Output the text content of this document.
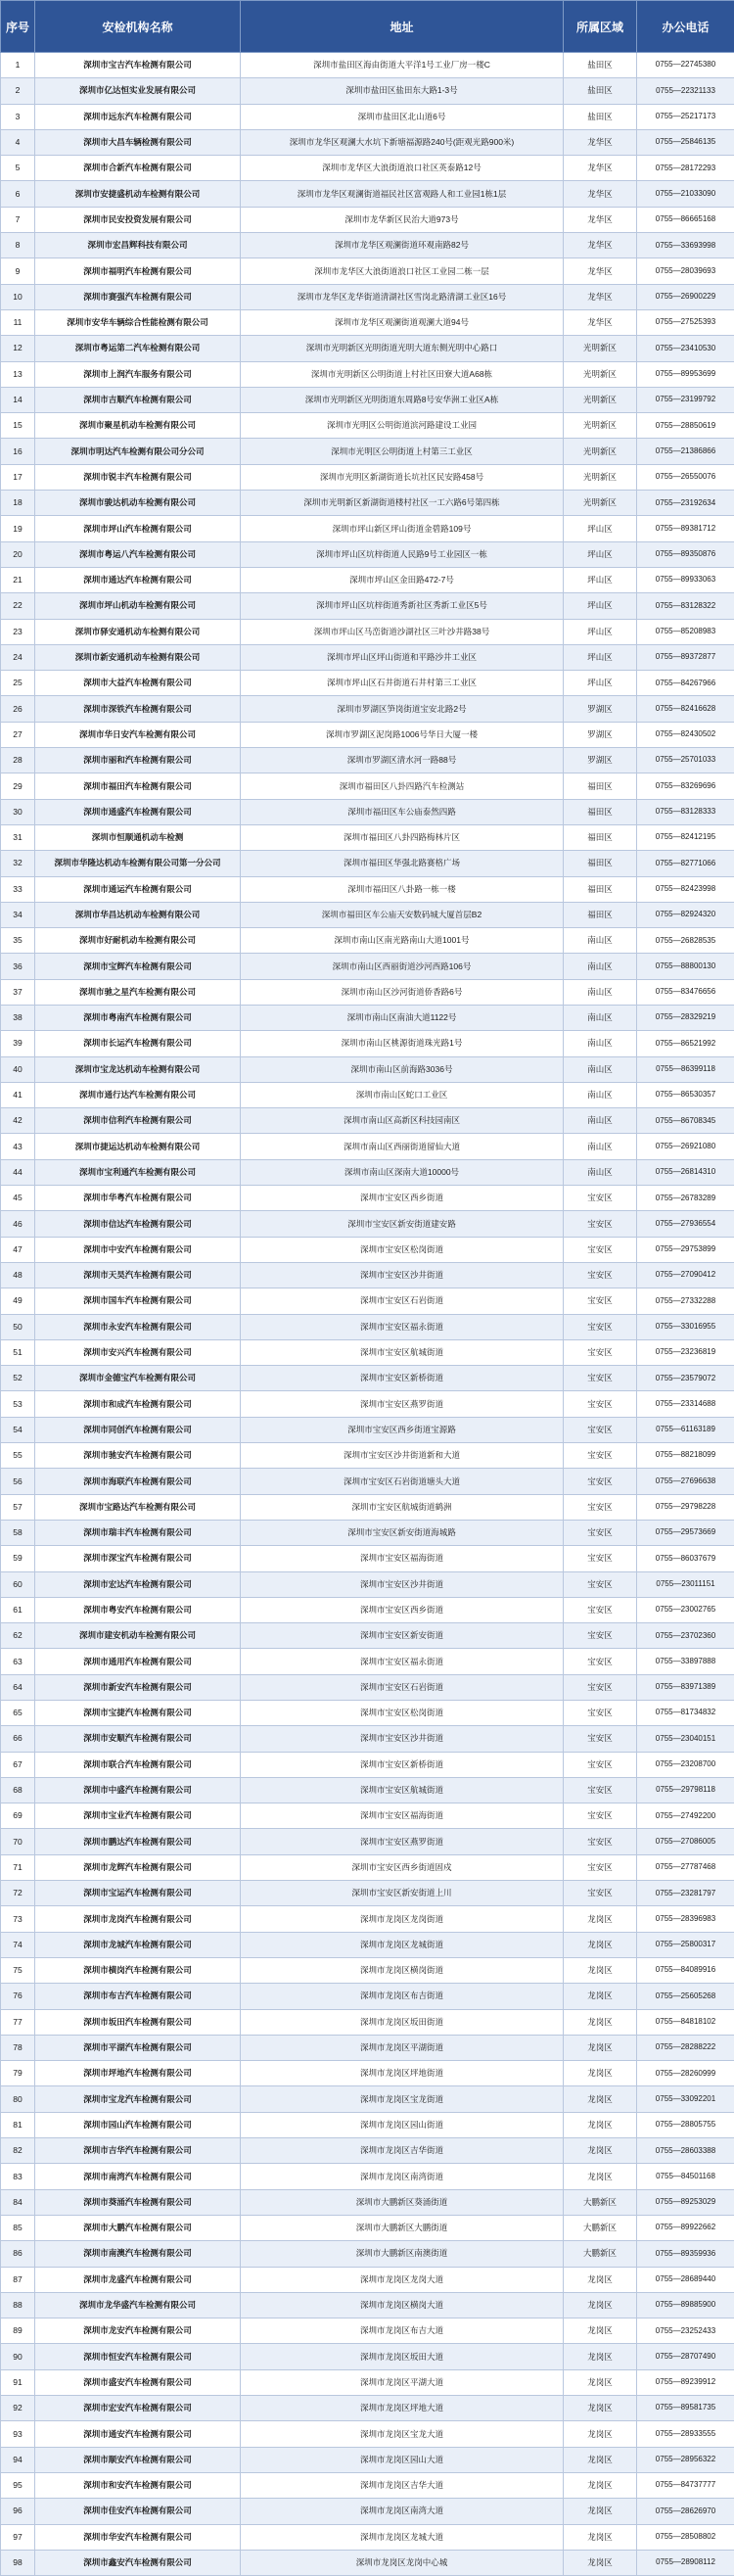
序号	安检机构名称	地址	所属区域	办公电话
1	深圳市宝吉汽车检测有限公司	深圳市盐田区海由街道大平洋1号工业厂房一楼C	盐田区	0755—22745380
2	深圳市亿达恒实业发展有限公司	深圳市盐田区盐田东大路1-3号	盐田区	0755—22321133
3	深圳市远东汽车检测有限公司	深圳市盐田区北山道6号	盐田区	0755—25217173
4	深圳市大昌车辆检测有限公司	深圳市龙华区观澜大水坑下新塘福源路240号(距观光路900米)	龙华区	0755—25846135
5	深圳市合新汽车检测有限公司	深圳市龙华区大浪街道浪口社区英泰路12号	龙华区	0755—28172293
6	深圳市安捷盛机动车检测有限公司	深圳市龙华区观澜街道福民社区富观路人和工业园1栋1层	龙华区	0755—21033090
7	深圳市民安投资发展有限公司	深圳市龙华新区民治大道973号	龙华区	0755—86665168
8	深圳市宏昌辉科技有限公司	深圳市龙华区观澜街道环观南路82号	龙华区	0755—33693998
9	深圳市福明汽车检测有限公司	深圳市龙华区大浪街道浪口社区工业园二栋一层	龙华区	0755—28039693
10	深圳市赛强汽车检测有限公司	深圳市龙华区龙华街道清湖社区雪岗北路清湖工业区16号	龙华区	0755—26900229
11	深圳市安华车辆综合性能检测有限公司	深圳市龙华区观澜街道观澜大道94号	龙华区	0755—27525393
12	深圳市粤运第二汽车检测有限公司	深圳市光明新区光明街道光明大道东侧光明中心路口	光明新区	0755—23410530
13	深圳市上润汽车服务有限公司	深圳市光明新区公明街道上村社区田寮大道A68栋	光明新区	0755—89953699
14	深圳市吉顺汽车检测有限公司	深圳市光明新区光明街道东周路8号安华洲工业区A栋	光明新区	0755—23199792
15	深圳市聚星机动车检测有限公司	深圳市光明区公明街道滨河路建设工业园	光明新区	0755—28850619
16	深圳市明达汽车检测有限公司分公司	深圳市光明区公明街道上村第三工业区	光明新区	0755—21386866
17	深圳市锐丰汽车检测有限公司	深圳市光明区新湖街道长坑社区民安路458号	光明新区	0755—26550076
18	深圳市骏达机动车检测有限公司	深圳市光明新区新湖街道楼村社区一工六路6号第四栋	光明新区	0755—23192634
19	深圳市坪山汽车检测有限公司	深圳市坪山新区坪山街道金碧路109号	坪山区	0755—89381712
20	深圳市粤运八汽车检测有限公司	深圳市坪山区坑梓街道人民路9号工业园区一栋	坪山区	0755—89350876
21	深圳市通达汽车检测有限公司	深圳市坪山区金田路472-7号	坪山区	0755—89933063
22	深圳市坪山机动车检测有限公司	深圳市坪山区坑梓街道秀新社区秀新工业区5号	坪山区	0755—83128322
23	深圳市驿安通机动车检测有限公司	深圳市坪山区马峦街道沙湖社区三叶沙井路38号	坪山区	0755—85208983
24	深圳市新安通机动车检测有限公司	深圳市坪山区坪山街道和平路沙井工业区	坪山区	0755—89372877
25	深圳市大益汽车检测有限公司	深圳市坪山区石井街道石井村第三工业区	坪山区	0755—84267966
26	深圳市深铁汽车检测有限公司	深圳市罗湖区笋岗街道宝安北路2号	罗湖区	0755—82416628
27	深圳市华日安汽车检测有限公司	深圳市罗湖区泥岗路1006号华日大厦一楼	罗湖区	0755—82430502
28	深圳市丽和汽车检测有限公司	深圳市罗湖区清水河一路88号	罗湖区	0755—25701033
29	深圳市福田汽车检测有限公司	深圳市福田区八卦四路汽车检测站	福田区	0755—83269696
30	深圳市通盛汽车检测有限公司	深圳市福田区车公庙泰然四路	福田区	0755—83128333
31	深圳市恒顺通机动车检测	深圳市福田区八卦四路梅林片区	福田区	0755—82412195
32	深圳市华隆达机动车检测有限公司第一分公司	深圳市福田区华强北路赛格广场	福田区	0755—82771066
33	深圳市通运汽车检测有限公司	深圳市福田区八卦路一栋一楼	福田区	0755—82423998
34	深圳市华昌达机动车检测有限公司	深圳市福田区车公庙天安数码城大厦首层B2	福田区	0755—82924320
35	深圳市好耐机动车检测有限公司	深圳市南山区南光路南山大道1001号	南山区	0755—26828535
36	深圳市宝辉汽车检测有限公司	深圳市南山区西丽街道沙河西路106号	南山区	0755—88800130
37	深圳市驰之星汽车检测有限公司	深圳市南山区沙河街道侨香路6号	南山区	0755—83476656
38	深圳市粤南汽车检测有限公司	深圳市南山区南油大道1122号	南山区	0755—28329219
39	深圳市长运汽车检测有限公司	深圳市南山区桃源街道珠光路1号	南山区	0755—86521992
40	深圳市宝龙达机动车检测有限公司	深圳市南山区前海路3036号	南山区	0755—86399118
41	深圳市通行达汽车检测有限公司	深圳市南山区蛇口工业区	南山区	0755—86530357
42	深圳市信利汽车检测有限公司	深圳市南山区高新区科技园南区	南山区	0755—86708345
43	深圳市捷运达机动车检测有限公司	深圳市南山区西丽街道留仙大道	南山区	0755—26921080
44	深圳市宝利通汽车检测有限公司	深圳市南山区深南大道10000号	南山区	0755—26814310
45	深圳市华粤汽车检测有限公司	深圳市宝安区西乡街道	宝安区	0755—26783289
46	深圳市信达汽车检测有限公司	深圳市宝安区新安街道建安路	宝安区	0755—27936554
47	深圳市中安汽车检测有限公司	深圳市宝安区松岗街道	宝安区	0755—29753899
48	深圳市天昊汽车检测有限公司	深圳市宝安区沙井街道	宝安区	0755—27090412
49	深圳市国车汽车检测有限公司	深圳市宝安区石岩街道	宝安区	0755—27332288
50	深圳市永安汽车检测有限公司	深圳市宝安区福永街道	宝安区	0755—33016955
51	深圳市安兴汽车检测有限公司	深圳市宝安区航城街道	宝安区	0755—23236819
52	深圳市金德宝汽车检测有限公司	深圳市宝安区新桥街道	宝安区	0755—23579072
53	深圳市和成汽车检测有限公司	深圳市宝安区燕罗街道	宝安区	0755—23314688
54	深圳市同创汽车检测有限公司	深圳市宝安区西乡街道宝源路	宝安区	0755—61163189
55	深圳市驰安汽车检测有限公司	深圳市宝安区沙井街道新和大道	宝安区	0755—88218099
56	深圳市海联汽车检测有限公司	深圳市宝安区石岩街道塘头大道	宝安区	0755—27696638
57	深圳市宝路达汽车检测有限公司	深圳市宝安区航城街道鹤洲	宝安区	0755—29798228
58	深圳市瑞丰汽车检测有限公司	深圳市宝安区新安街道海城路	宝安区	0755—29573669
59	深圳市深宝汽车检测有限公司	深圳市宝安区福海街道	宝安区	0755—86037679
60	深圳市宏达汽车检测有限公司	深圳市宝安区沙井街道	宝安区	0755—23011151
61	深圳市粤安汽车检测有限公司	深圳市宝安区西乡街道	宝安区	0755—23002765
62	深圳市建安机动车检测有限公司	深圳市宝安区新安街道	宝安区	0755—23702360
63	深圳市通用汽车检测有限公司	深圳市宝安区福永街道	宝安区	0755—33897888
64	深圳市新安汽车检测有限公司	深圳市宝安区石岩街道	宝安区	0755—83971389
65	深圳市宝捷汽车检测有限公司	深圳市宝安区松岗街道	宝安区	0755—81734832
66	深圳市安顺汽车检测有限公司	深圳市宝安区沙井街道	宝安区	0755—23040151
67	深圳市联合汽车检测有限公司	深圳市宝安区新桥街道	宝安区	0755—23208700
68	深圳市中盛汽车检测有限公司	深圳市宝安区航城街道	宝安区	0755—29798118
69	深圳市宝业汽车检测有限公司	深圳市宝安区福海街道	宝安区	0755—27492200
70	深圳市鹏达汽车检测有限公司	深圳市宝安区燕罗街道	宝安区	0755—27086005
71	深圳市龙辉汽车检测有限公司	深圳市宝安区西乡街道固戍	宝安区	0755—27787468
72	深圳市宝运汽车检测有限公司	深圳市宝安区新安街道上川	宝安区	0755—23281797
73	深圳市龙岗汽车检测有限公司	深圳市龙岗区龙岗街道	龙岗区	0755—28396983
74	深圳市龙城汽车检测有限公司	深圳市龙岗区龙城街道	龙岗区	0755—25800317
75	深圳市横岗汽车检测有限公司	深圳市龙岗区横岗街道	龙岗区	0755—84089916
76	深圳市布吉汽车检测有限公司	深圳市龙岗区布吉街道	龙岗区	0755—25605268
77	深圳市坂田汽车检测有限公司	深圳市龙岗区坂田街道	龙岗区	0755—84818102
78	深圳市平湖汽车检测有限公司	深圳市龙岗区平湖街道	龙岗区	0755—28288222
79	深圳市坪地汽车检测有限公司	深圳市龙岗区坪地街道	龙岗区	0755—28260999
80	深圳市宝龙汽车检测有限公司	深圳市龙岗区宝龙街道	龙岗区	0755—33092201
81	深圳市园山汽车检测有限公司	深圳市龙岗区园山街道	龙岗区	0755—28805755
82	深圳市吉华汽车检测有限公司	深圳市龙岗区吉华街道	龙岗区	0755—28603388
83	深圳市南湾汽车检测有限公司	深圳市龙岗区南湾街道	龙岗区	0755—84501168
84	深圳市葵涌汽车检测有限公司	深圳市大鹏新区葵涌街道	大鹏新区	0755—89253029
85	深圳市大鹏汽车检测有限公司	深圳市大鹏新区大鹏街道	大鹏新区	0755—89922662
86	深圳市南澳汽车检测有限公司	深圳市大鹏新区南澳街道	大鹏新区	0755—89359936
87	深圳市龙盛汽车检测有限公司	深圳市龙岗区龙岗大道	龙岗区	0755—28689440
88	深圳市龙华盛汽车检测有限公司	深圳市龙岗区横岗大道	龙岗区	0755—89885900
89	深圳市龙安汽车检测有限公司	深圳市龙岗区布吉大道	龙岗区	0755—23252433
90	深圳市恒安汽车检测有限公司	深圳市龙岗区坂田大道	龙岗区	0755—28707490
91	深圳市盛安汽车检测有限公司	深圳市龙岗区平湖大道	龙岗区	0755—89239912
92	深圳市宏安汽车检测有限公司	深圳市龙岗区坪地大道	龙岗区	0755—89581735
93	深圳市通安汽车检测有限公司	深圳市龙岗区宝龙大道	龙岗区	0755—28933555
94	深圳市顺安汽车检测有限公司	深圳市龙岗区园山大道	龙岗区	0755—28956322
95	深圳市和安汽车检测有限公司	深圳市龙岗区吉华大道	龙岗区	0755—84737777
96	深圳市佳安汽车检测有限公司	深圳市龙岗区南湾大道	龙岗区	0755—28626970
97	深圳市华安汽车检测有限公司	深圳市龙岗区龙城大道	龙岗区	0755—28508802
98	深圳市鑫安汽车检测有限公司	深圳市龙岗区龙岗中心城	龙岗区	0755—28908112
